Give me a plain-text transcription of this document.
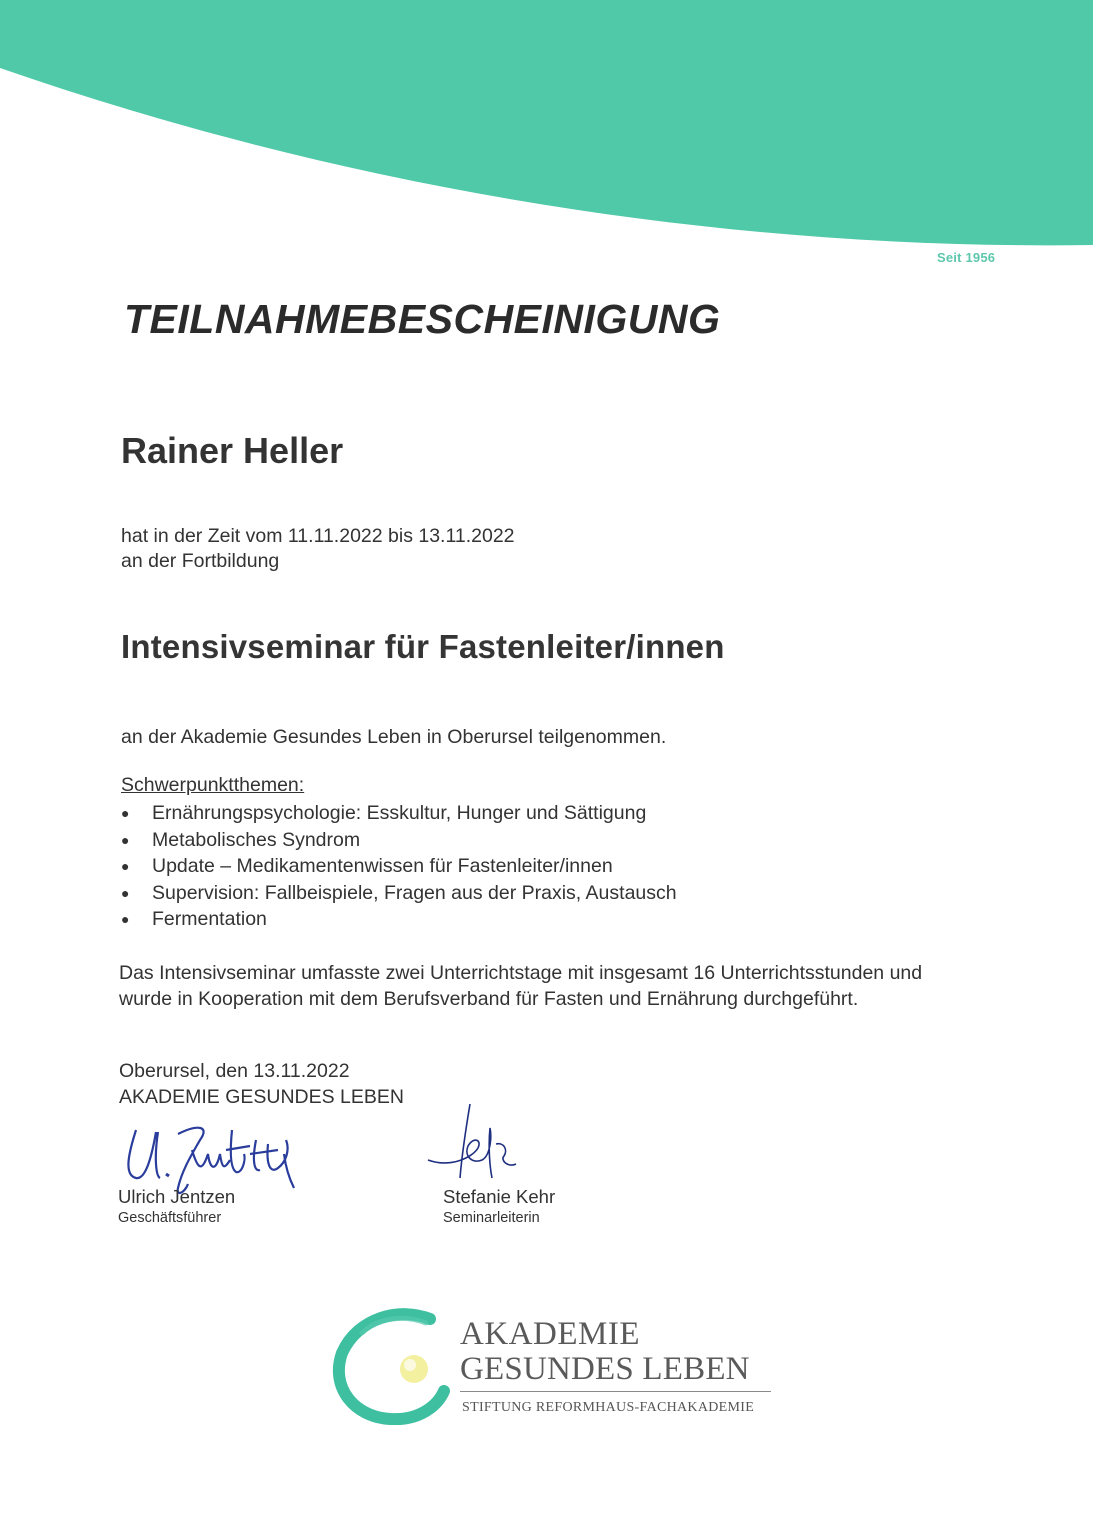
Seit 1956
TEILNAHMEBESCHEINIGUNG
Rainer Heller
hat in der Zeit vom 11.11.2022 bis 13.11.2022
an der Fortbildung
Intensivseminar für Fastenleiter/innen
an der Akademie Gesundes Leben in Oberursel teilgenommen.
Schwerpunktthemen:
● Ernährungspsychologie: Esskultur, Hunger und Sättigung
● Metabolisches Syndrom
● Update – Medikamentenwissen für Fastenleiter/innen
● Supervision: Fallbeispiele, Fragen aus der Praxis, Austausch
● Fermentation
Das Intensivseminar umfasste zwei Unterrichtstage mit insgesamt 16 Unterrichtsstunden und wurde in Kooperation mit dem Berufsverband für Fasten und Ernährung durchgeführt.
Oberursel, den 13.11.2022
AKADEMIE GESUNDES LEBEN
Ulrich Jentzen
Geschäftsführer
Stefanie Kehr
Seminarleiterin
AKADEMIE
GESUNDES LEBEN
STIFTUNG REFORMHAUS-FACHAKADEMIE
